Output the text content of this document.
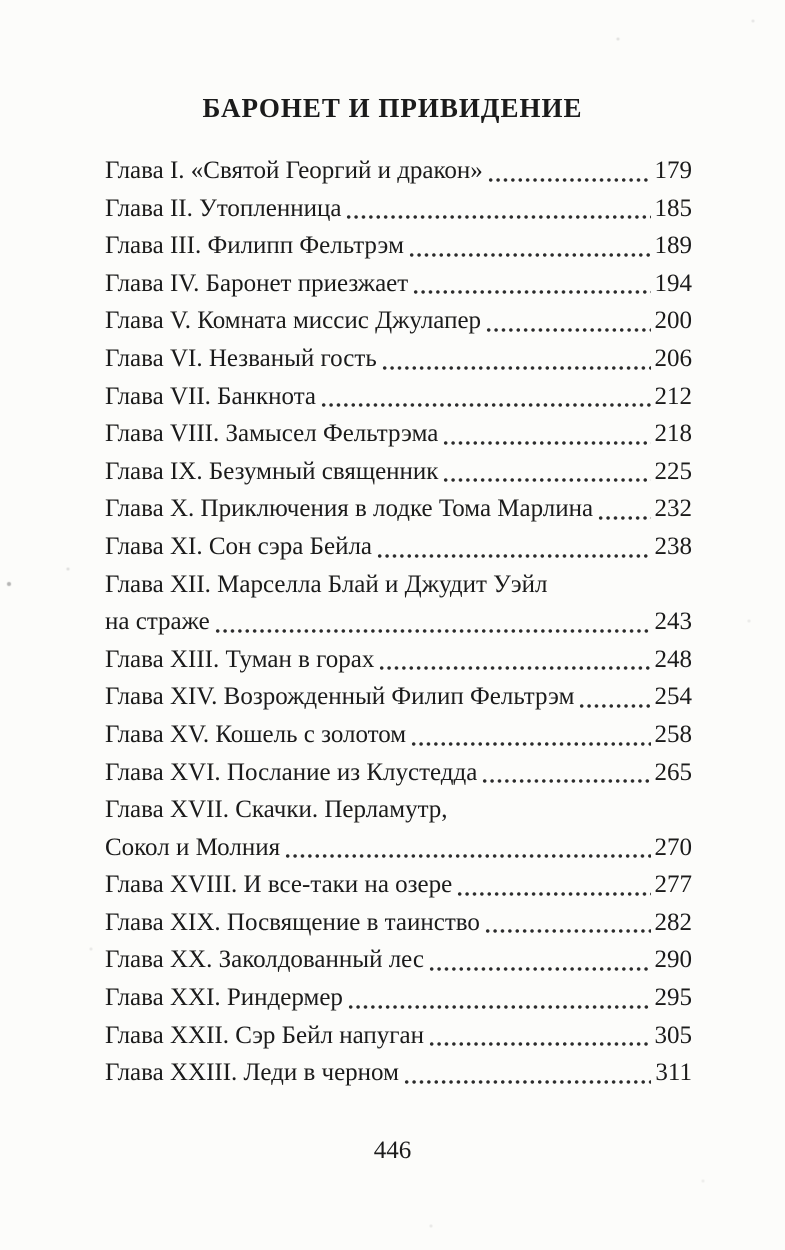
БАРОНЕТ И ПРИВИДЕНИЕ
Глава I. «Святой Георгий и дракон»	179
Глава II. Утопленница	185
Глава III. Филипп Фельтрэм	189
Глава IV. Баронет приезжает	194
Глава V. Комната миссис Джулапер	200
Глава VI. Незваный гость	206
Глава VII. Банкнота	212
Глава VIII. Замысел Фельтрэма	218
Глава IX. Безумный священник	225
Глава X. Приключения в лодке Тома Марлина 232
Глава XI. Сон сэра Бейла	238
Глава XII. Марселла Блай и Джудит Уэйл
на страже	243
Глава XIII. Туман в горах	248
Глава XIV. Возрожденный Филип Фельтрэм	254
Глава XV. Кошель с золотом	258
Глава XVI. Послание из Клустедда	265
Глава XVII. Скачки. Перламутр,
Сокол и Молния	270
Глава XVIII. И все-таки на озере	277
Глава XIX. Посвящение в таинство	282
Глава XX. Заколдованный лес	290
Глава XXI. Риндермер	295
Глава XXII. Сэр Бейл напуган	305
Глава XXIII. Леди в черном	311
446
